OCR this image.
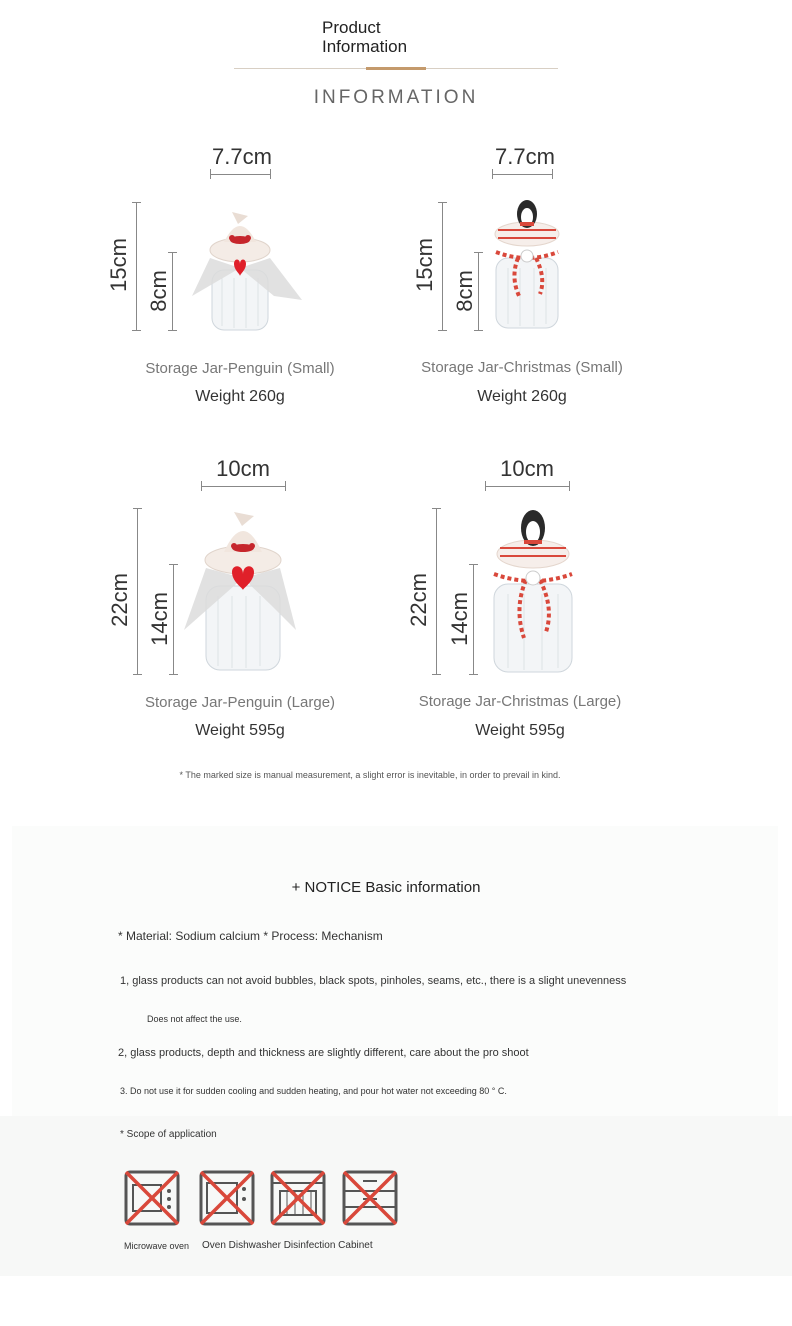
Product
Information
INFORMATION
7.7cm
15cm 8cm
Storage Jar-Penguin (Small)
Weight 260g
7.7cm
15cm 8cm
Storage Jar-Christmas (Small)
Weight 260g
10cm
22cm 14cm
Storage Jar-Penguin (Large)
Weight 595g
10cm
22cm 14cm
Storage Jar-Christmas (Large)
Weight 595g
* The marked size is manual measurement, a slight error is inevitable, in order to prevail in kind.
+ NOTICE Basic information
* Material: Sodium calcium * Process: Mechanism
1, glass products can not avoid bubbles, black spots, pinholes, seams, etc., there is a slight unevenness
Does not affect the use.
2, glass products, depth and thickness are slightly different, care about the pro shoot
3. Do not use it for sudden cooling and sudden heating, and pour hot water not exceeding 80 ° C.
* Scope of application
Microwave oven Oven Dishwasher Disinfection Cabinet
